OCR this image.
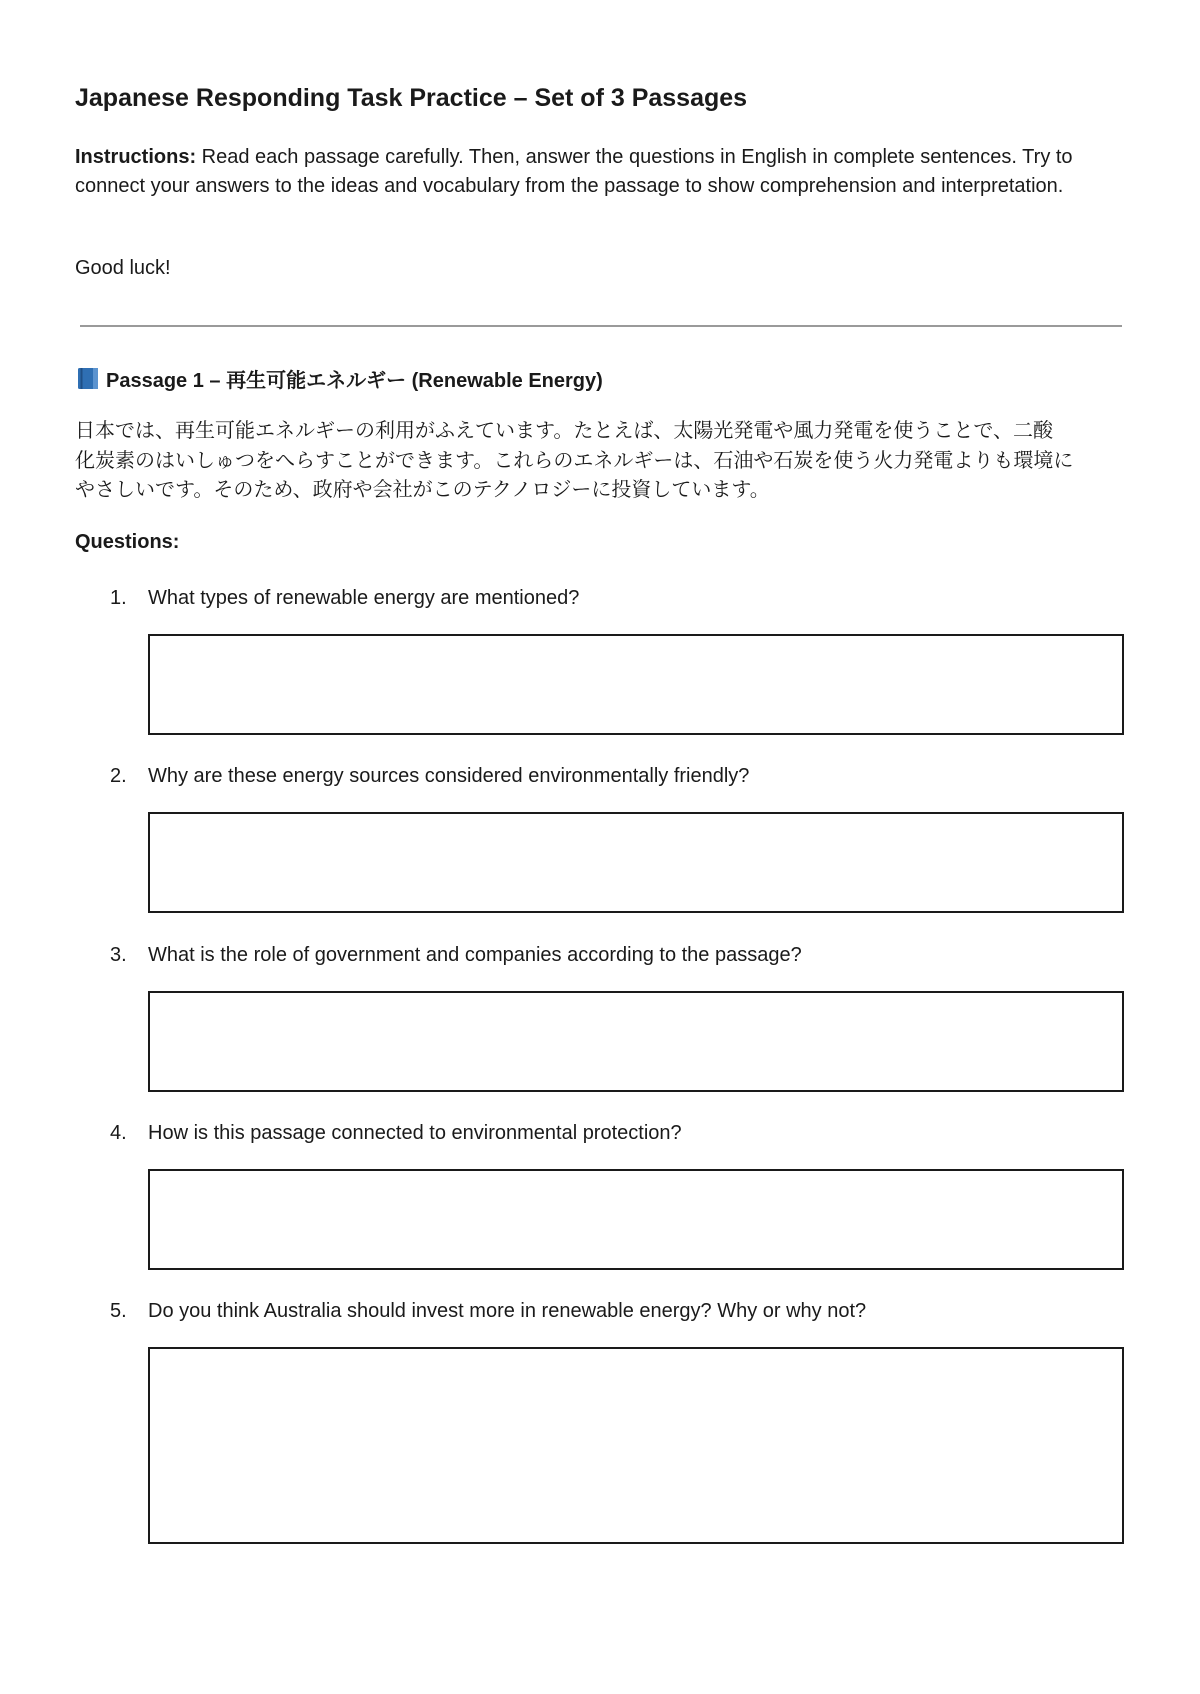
Japanese Responding Task Practice – Set of 3 Passages

Instructions: Read each passage carefully. Then, answer the questions in English in complete sentences. Try to connect your answers to the ideas and vocabulary from the passage to show comprehension and interpretation.

Good luck!

Passage 1 – 再生可能エネルギー (Renewable Energy)
日本では、再生可能エネルギーの利用がふえています。たとえば、太陽光発電や風力発電を使うことで、二酸
化炭素のはいしゅつをへらすことができます。これらのエネルギーは、石油や石炭を使う火力発電よりも環境に
やさしいです。そのため、政府や会社がこのテクノロジーに投資しています。

Questions:

1. What types of renewable energy are mentioned?

2. Why are these energy sources considered environmentally friendly?

3. What is the role of government and companies according to the passage?

4. How is this passage connected to environmental protection?

5. Do you think Australia should invest more in renewable energy? Why or why not?
